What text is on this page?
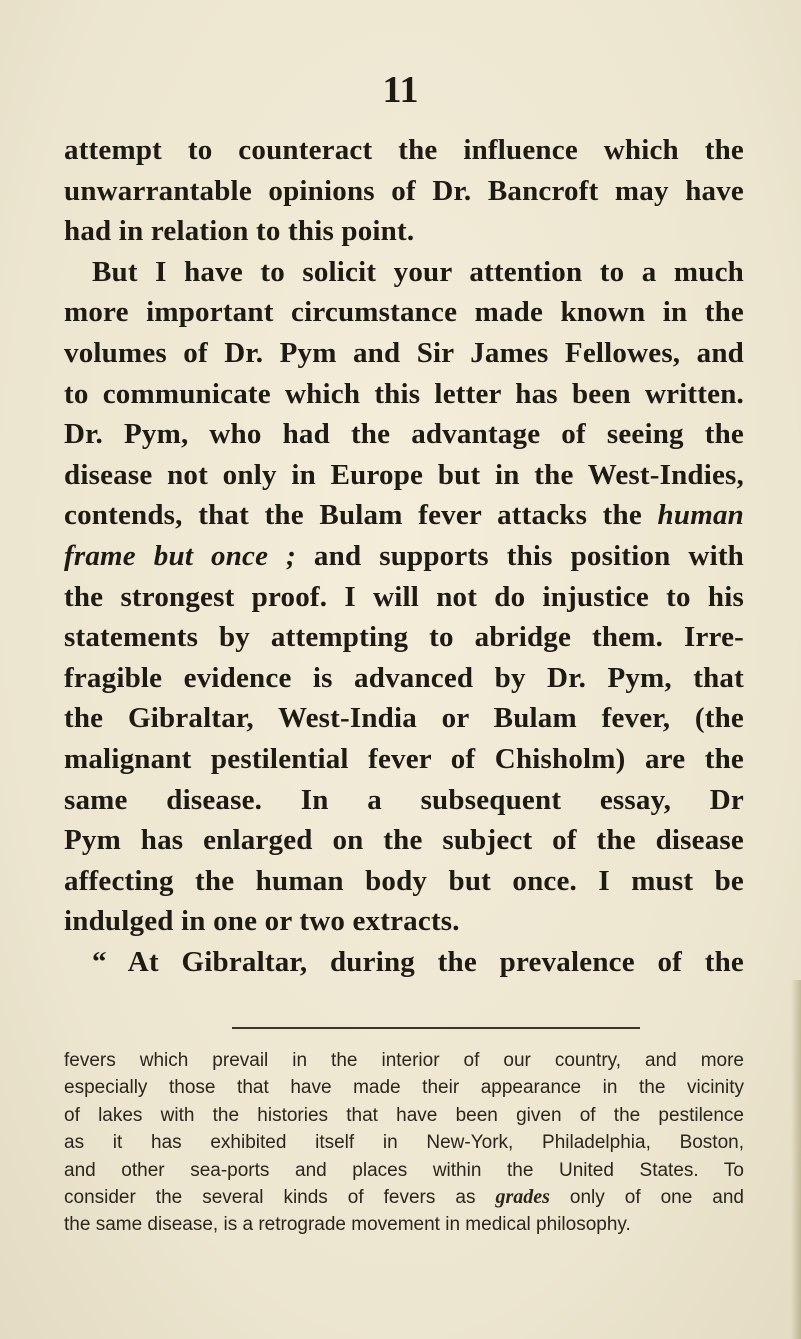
11
attempt to counteract the influence which the
unwarrantable opinions of Dr. Bancroft may have
had in relation to this point.
But I have to solicit your attention to a much
more important circumstance made known in the
volumes of Dr. Pym and Sir James Fellowes, and
to communicate which this letter has been written.
Dr. Pym, who had the advantage of seeing the
disease not only in Europe but in the West-Indies,
contends, that the Bulam fever attacks the human
frame but once ; and supports this position with
the strongest proof. I will not do injustice to his
statements by attempting to abridge them. Irre-
fragible evidence is advanced by Dr. Pym, that
the Gibraltar, West-India or Bulam fever, (the
malignant pestilential fever of Chisholm) are the
same disease. In a subsequent essay, Dr
Pym has enlarged on the subject of the disease
affecting the human body but once. I must be
indulged in one or two extracts.
“ At Gibraltar, during the prevalence of the
fevers which prevail in the interior of our country, and more
especially those that have made their appearance in the vicinity
of lakes with the histories that have been given of the pestilence
as it has exhibited itself in New-York, Philadelphia, Boston,
and other sea-ports and places within the United States. To
consider the several kinds of fevers as grades only of one and
the same disease, is a retrograde movement in medical philosophy.
